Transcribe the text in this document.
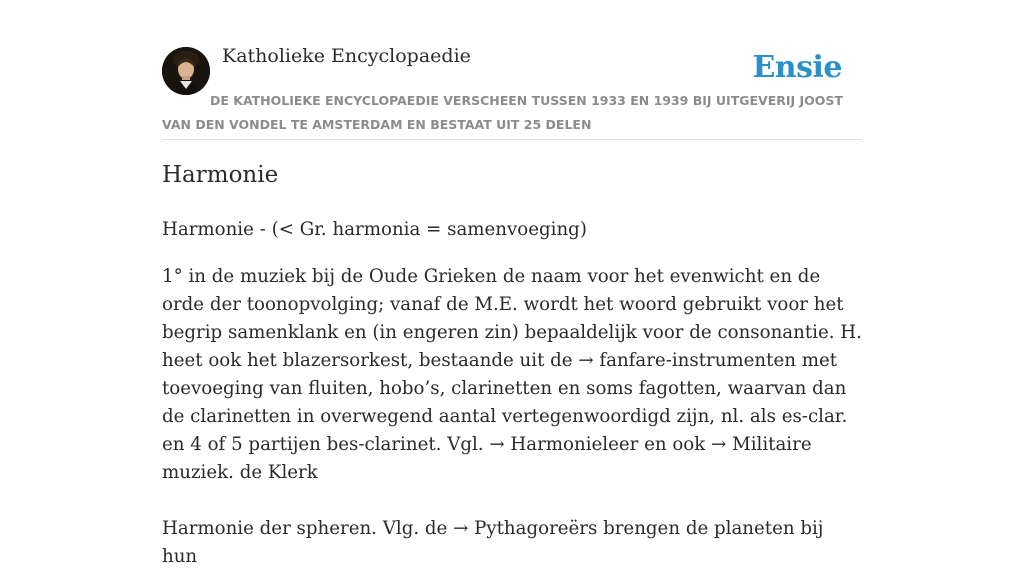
Katholieke Encyclopaedie	Ensie
DE KATHOLIEKE ENCYCLOPAEDIE VERSCHEEN TUSSEN 1933 EN 1939 BIJ UITGEVERIJ JOOST VAN DEN VONDEL TE AMSTERDAM EN BESTAAT UIT 25 DELEN
Harmonie

Harmonie - (< Gr. harmonia = samenvoeging)

1° in de muziek bij de Oude Grieken de naam voor het evenwicht en de orde der toonopvolging; vanaf de M.E. wordt het woord gebruikt voor het begrip samenklank en (in engeren zin) bepaaldelijk voor de consonantie. H. heet ook het blazersorkest, bestaande uit de → fanfare-instrumenten met toevoeging van fluiten, hobo’s, clarinetten en soms fagotten, waarvan dan de clarinetten in overwegend aantal vertegenwoordigd zijn, nl. als es-clar. en 4 of 5 partijen bes-clarinet. Vgl. → Harmonieleer en ook → Militaire muziek. de Klerk

Harmonie der spheren. Vlg. de → Pythagoreërs brengen de planeten bij hun
